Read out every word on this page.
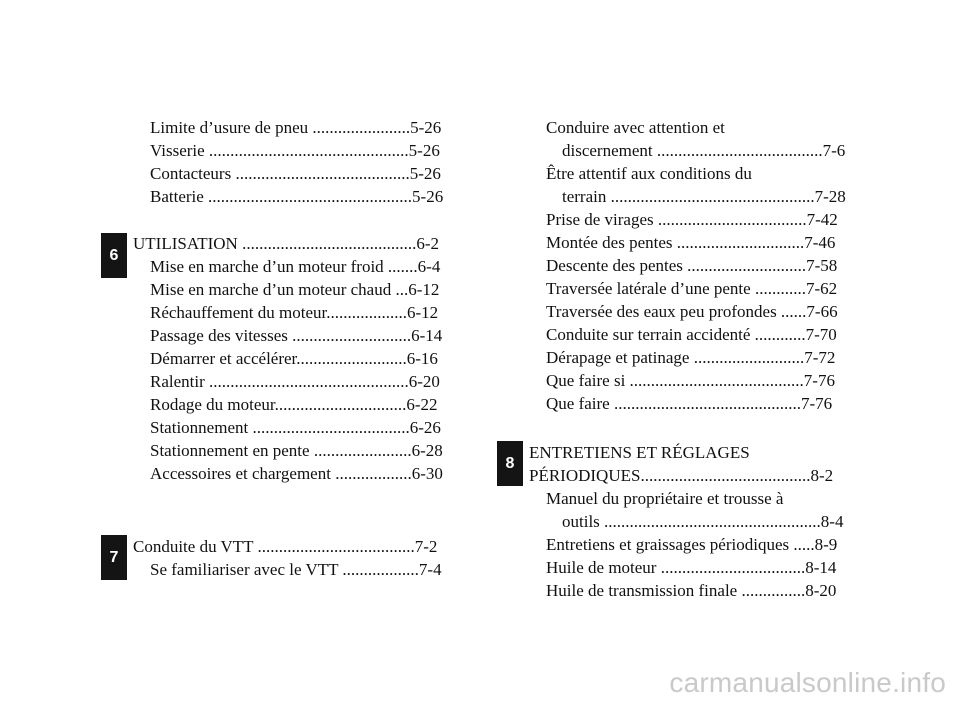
6
7
8
Limite d’usure de pneu .......................5-26
Visserie ...............................................5-26
Contacteurs .........................................5-26
Batterie ................................................5-26
UTILISATION .........................................6-2
Mise en marche d’un moteur froid .......6-4
Mise en marche d’un moteur chaud ...6-12
Réchauffement du moteur...................6-12
Passage des vitesses ............................6-14
Démarrer et accélérer..........................6-16
Ralentir ...............................................6-20
Rodage du moteur...............................6-22
Stationnement .....................................6-26
Stationnement en pente .......................6-28
Accessoires et chargement ..................6-30
Conduite du VTT .....................................7-2
Se familiariser avec le VTT ..................7-4
Conduire avec attention et
discernement .......................................7-6
Être attentif aux conditions du
terrain ................................................7-28
Prise de virages ...................................7-42
Montée des pentes ..............................7-46
Descente des pentes ............................7-58
Traversée latérale d’une pente ............7-62
Traversée des eaux peu profondes ......7-66
Conduite sur terrain accidenté ............7-70
Dérapage et patinage ..........................7-72
Que faire si .........................................7-76
Que faire ............................................7-76
ENTRETIENS ET RÉGLAGES
PÉRIODIQUES........................................8-2
Manuel du propriétaire et trousse à
outils ...................................................8-4
Entretiens et graissages périodiques .....8-9
Huile de moteur ..................................8-14
Huile de transmission finale ...............8-20
carmanualsonline.info
